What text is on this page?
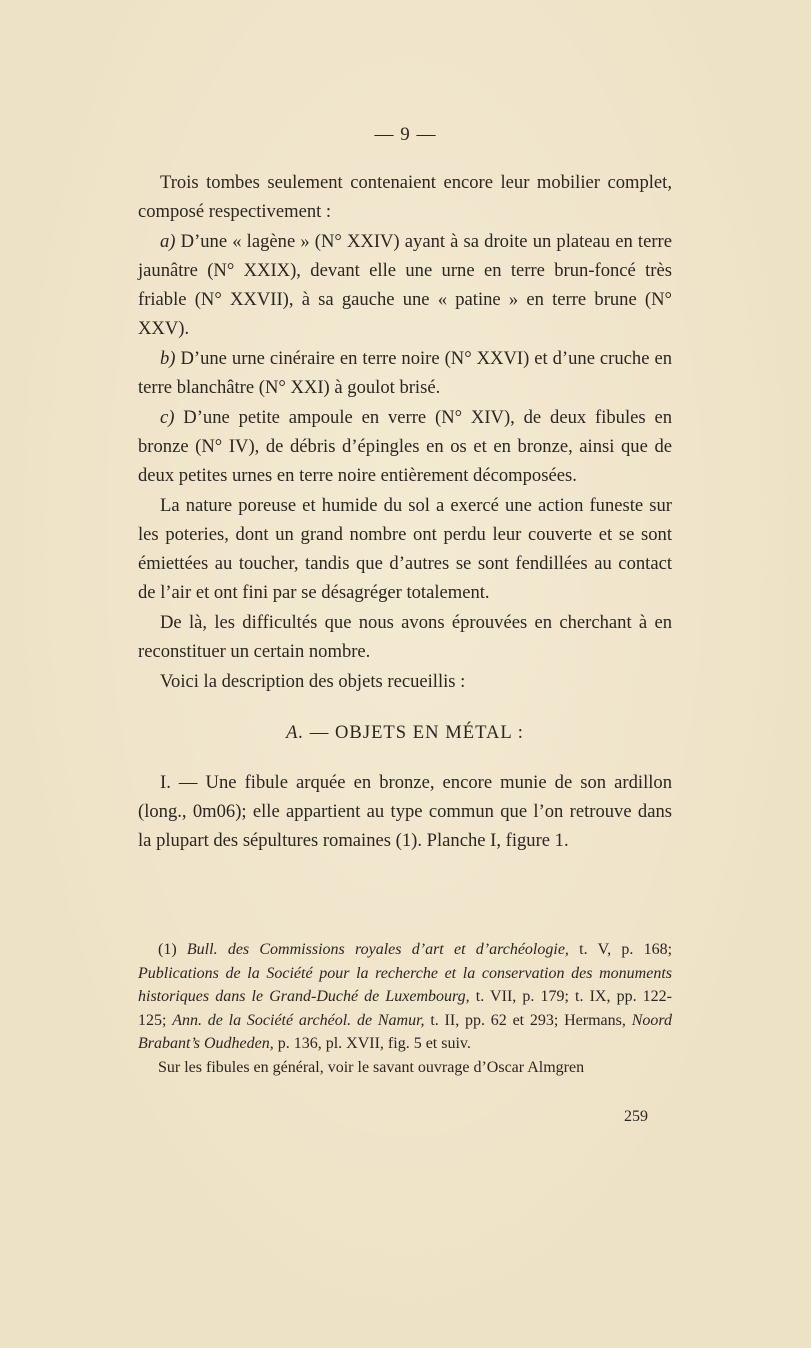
— 9 —

Trois tombes seulement contenaient encore leur mobilier complet, composé respectivement :

a) D’une « lagène » (N° XXIV) ayant à sa droite un plateau en terre jaunâtre (N° XXIX), devant elle une urne en terre brun-foncé très friable (N° XXVII), à sa gauche une « patine » en terre brune (N° XXV).

b) D’une urne cinéraire en terre noire (N° XXVI) et d’une cruche en terre blanchâtre (N° XXI) à goulot brisé.

c) D’une petite ampoule en verre (N° XIV), de deux fibules en bronze (N° IV), de débris d’épingles en os et en bronze, ainsi que de deux petites urnes en terre noire entièrement décomposées.

La nature poreuse et humide du sol a exercé une action funeste sur les poteries, dont un grand nombre ont perdu leur couverte et se sont émiettées au toucher, tandis que d’autres se sont fendillées au contact de l’air et ont fini par se désagréger totalement.

De là, les difficultés que nous avons éprouvées en cherchant à en reconstituer un certain nombre.

Voici la description des objets recueillis :

A. — OBJETS EN MÉTAL :

I. — Une fibule arquée en bronze, encore munie de son ardillon (long., 0m06); elle appartient au type commun que l’on retrouve dans la plupart des sépultures romaines (1). Planche I, figure 1.

(1) Bull. des Commissions royales d’art et d’archéologie, t. V, p. 168; Publications de la Société pour la recherche et la conservation des monuments historiques dans le Grand-Duché de Luxembourg, t. VII, p. 179; t. IX, pp. 122-125; Ann. de la Société archéol. de Namur, t. II, pp. 62 et 293; Hermans, Noord Brabant’s Oudheden, p. 136, pl. XVII, fig. 5 et suiv.

Sur les fibules en général, voir le savant ouvrage d’Oscar Almgren

259
